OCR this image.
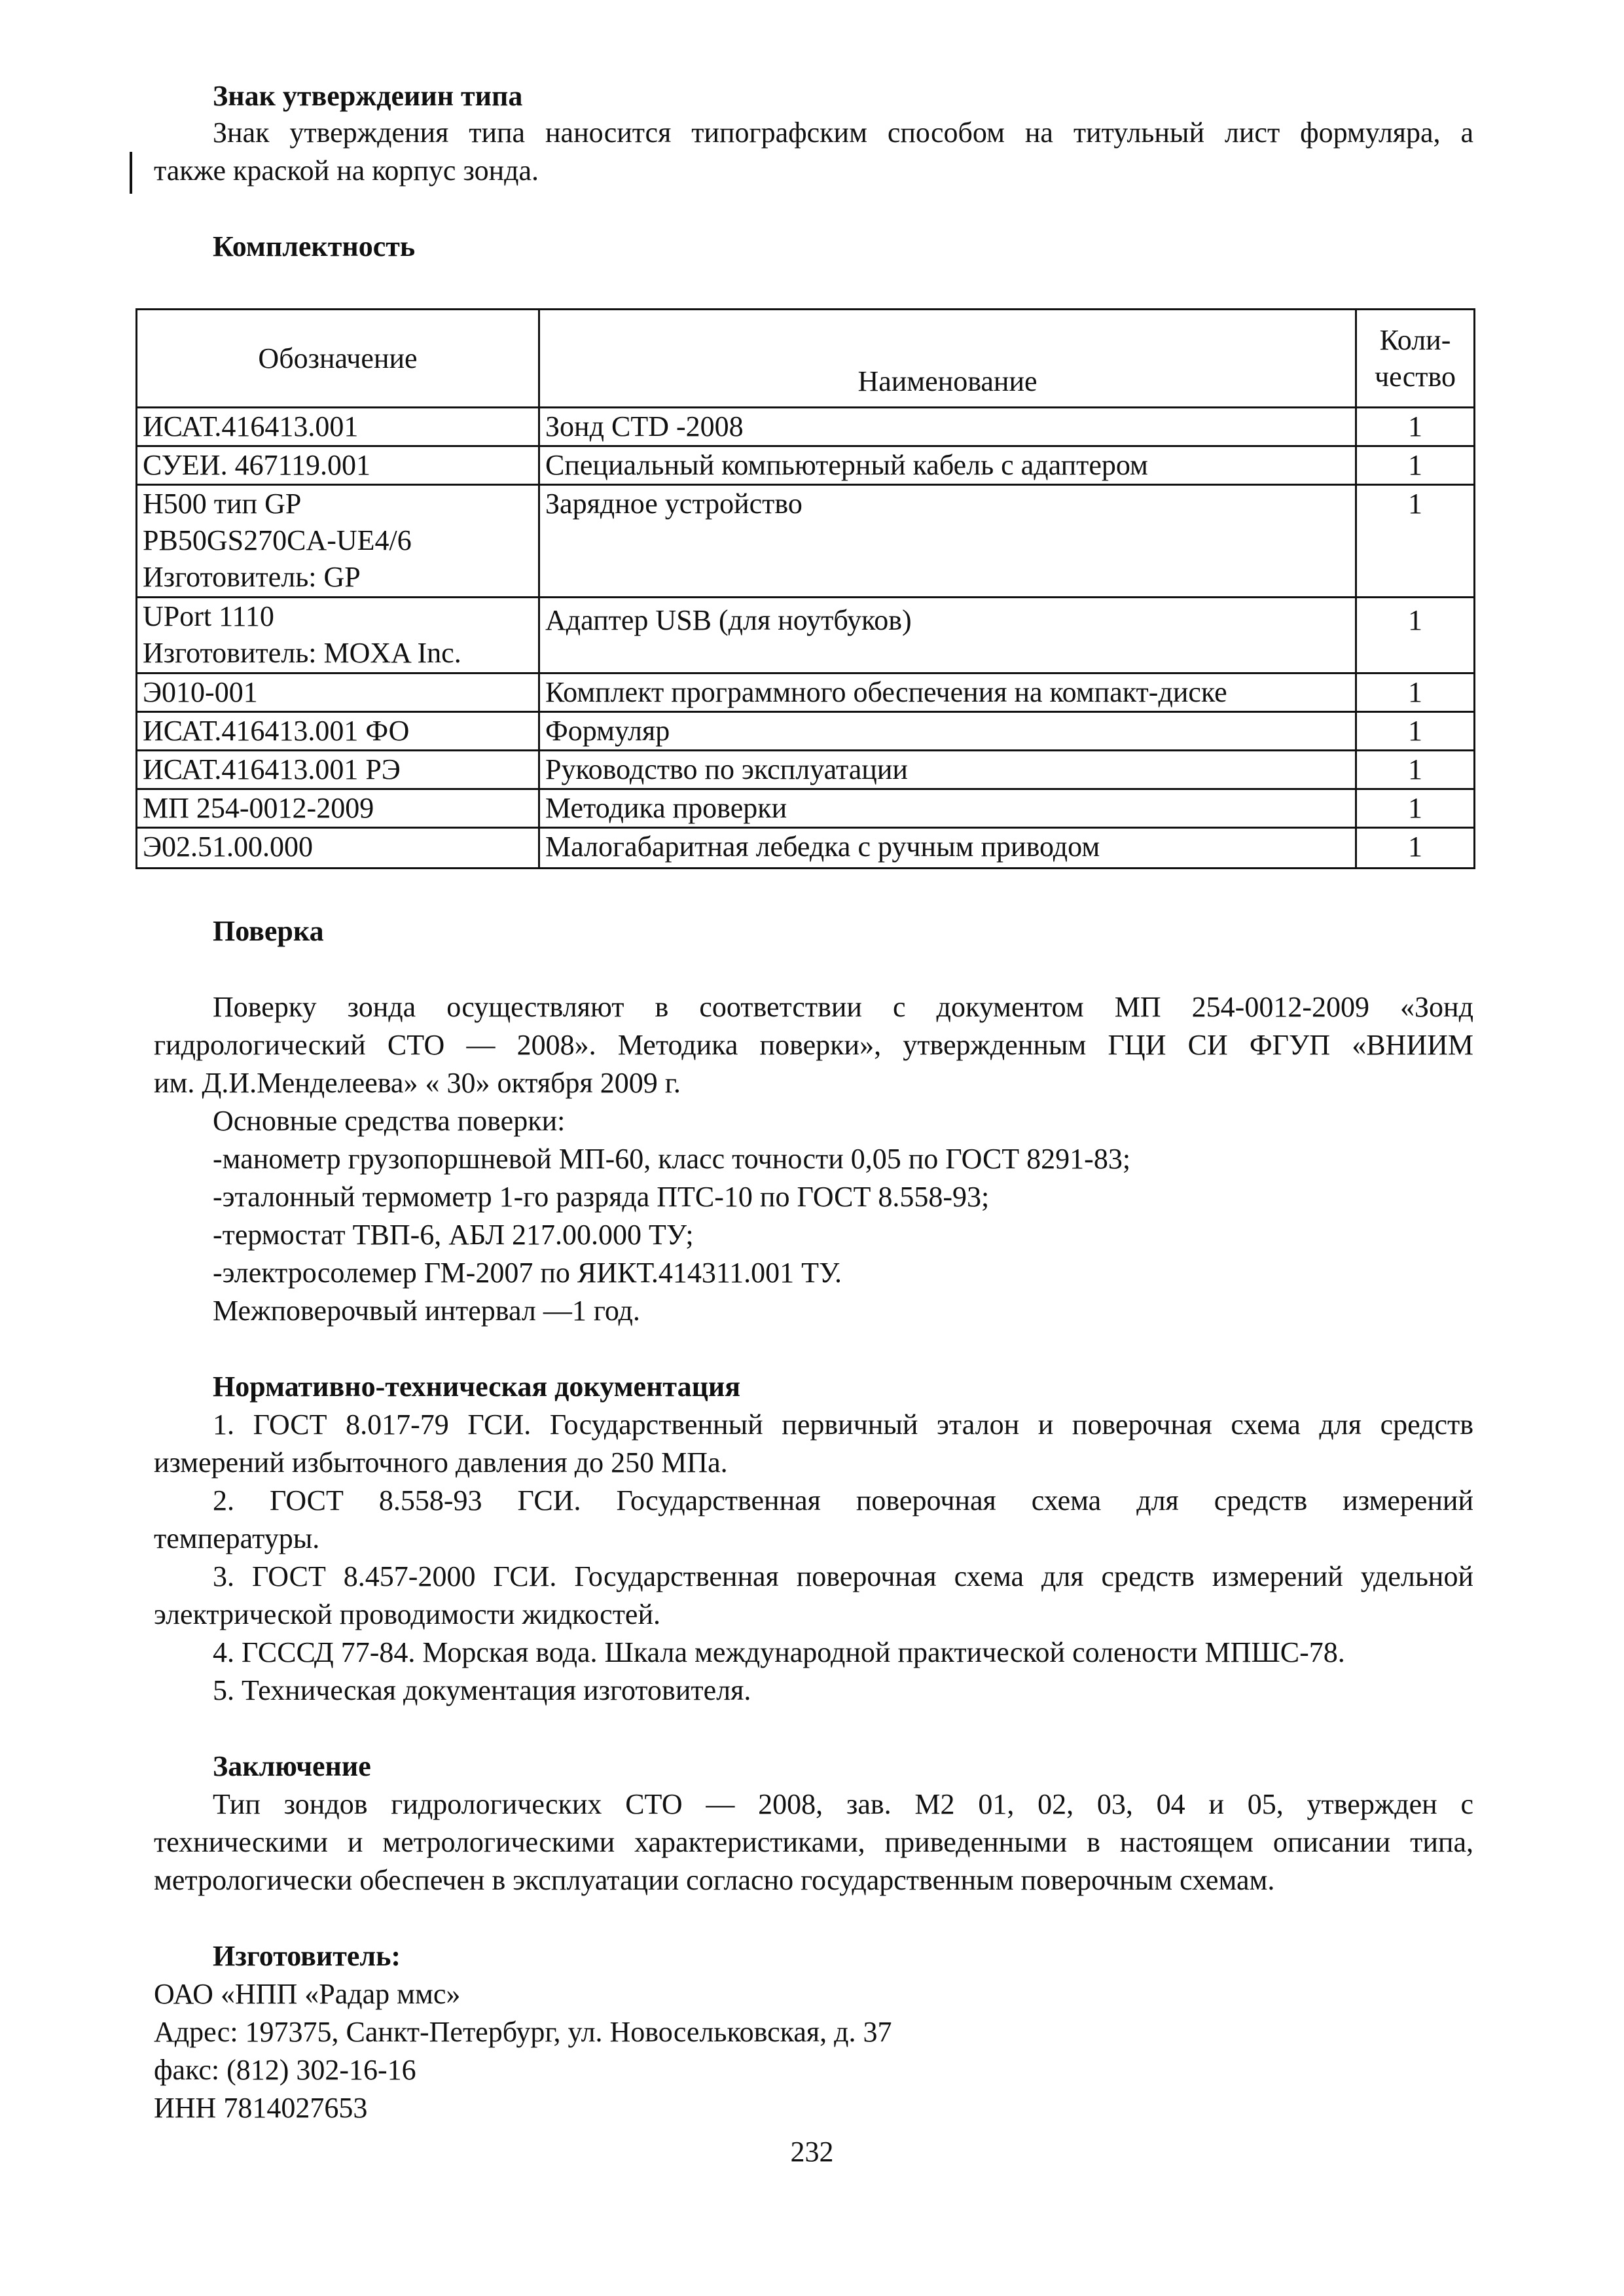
Знак утверждеиин типа

Знак утверждения типа наносится типографским способом на титульный лист формуляра, а

также краской на корпус зонда.

Комплектность

Обозначение	Наименование	Коли-
чество

ИСАТ.416413.001	Зонд CTD -2008	1
СУЕИ. 467119.001	Специальный компьютерный кабель с адаптером	1

Н500 тип GP
PB50GS270CA-UE4/6
Изготовитель: GP	Зарядное устройство	1

UPort 1110
Изготовитель: MOXA Inc.	Адаптер USB (для ноутбуков)	1
Э010-001	Комплект программного обеспечения на компакт-диске	1
ИСАТ.416413.001 ФО	Формуляр	1
ИСАТ.416413.001 РЭ	Руководство по эксплуатации	1
МП 254-0012-2009	Методика проверки	1
Э02.51.00.000	Малогабаритная лебедка с ручным приводом	1

Поверка

Поверку зонда осуществляют в соответствии с документом МП 254-0012-2009 «Зонд

гидрологический СТО — 2008». Методика поверки», утвержденным ГЦИ СИ ФГУП «ВНИИМ

им. Д.И.Менделеева» « 30» октября 2009 г.

Основные средства поверки:

-манометр грузопоршневой МП-60, класс точности 0,05 по ГОСТ 8291-83;

-эталонный термометр 1-го разряда ПТС-10 по ГОСТ 8.558-93;

-термостат ТВП-6, АБЛ 217.00.000 ТУ;

-электросолемер ГМ-2007 по ЯИКТ.414311.001 ТУ.

Межповерочвый интервал —1 год.

Нормативно-техническая документация

1. ГОСТ 8.017-79 ГСИ. Государственный первичный эталон и поверочная схема для средств

измерений избыточного давления до 250 МПа.

2. ГОСТ 8.558-93 ГСИ. Государственная поверочная схема для средств измерений

температуры.

3. ГОСТ 8.457-2000 ГСИ. Государственная поверочная схема для средств измерений удельной

электрической проводимости жидкостей.

4. ГСССД 77-84. Морская вода. Шкала международной практической солености МПШС-78.

5. Техническая документация изготовителя.

Заключение

Тип зондов гидрологических СТО — 2008, зав. М2 01, 02, 03, 04 и 05, утвержден с

техническими и метрологическими характеристиками, приведенными в настоящем описании типа,

метрологически обеспечен в эксплуатации согласно государственным поверочным схемам.

Изготовитель:

ОАО «НПП «Радар ммс»

Адрес: 197375, Санкт-Петербург, ул. Новосельковская, д. 37

факс: (812) 302-16-16

ИНН 7814027653

232
